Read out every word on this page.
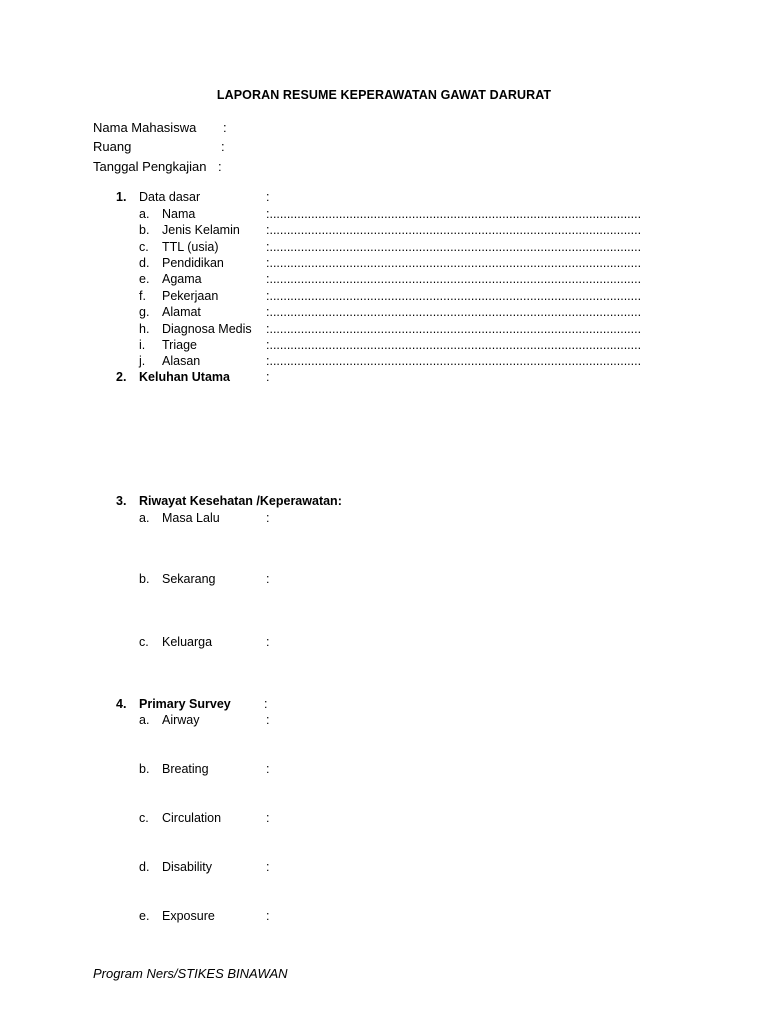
LAPORAN RESUME KEPERAWATAN GAWAT DARURAT
Nama Mahasiswa :
Ruang	:
Tanggal Pengkajian :
1. Data dasar	:
a. Nama	:...........................................................................................................
b. Jenis Kelamin :...........................................................................................................
c. TTL (usia)	:...........................................................................................................
d. Pendidikan	:...........................................................................................................
e. Agama	:...........................................................................................................
f. Pekerjaan	:...........................................................................................................
g. Alamat	:...........................................................................................................
h. Diagnosa Medis :...........................................................................................................
i. Triage	:...........................................................................................................
j. Alasan	:...........................................................................................................
2. Keluhan Utama	:
3. Riwayat Kesehatan /Keperawatan:
a. Masa Lalu	:
b. Sekarang	:
c. Keluarga	:
4. Primary Survey	:
a. Airway	:
b. Breating	:
c. Circulation	:
d. Disability	:
e. Exposure	:
Program Ners/STIKES BINAWAN
